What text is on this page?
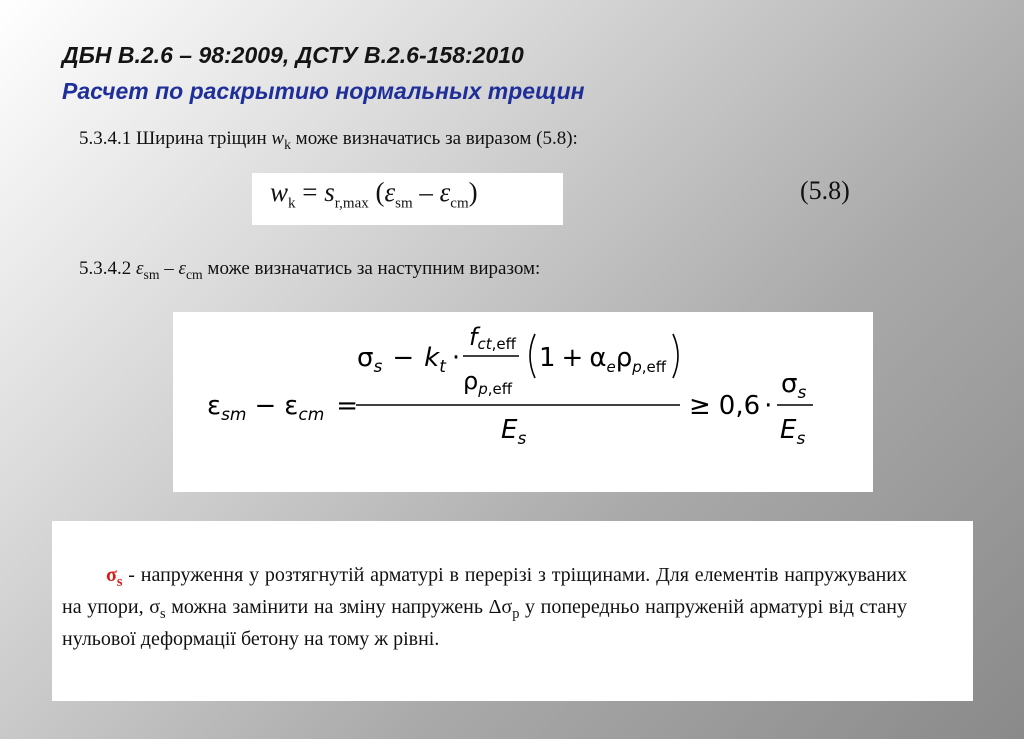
ДБН В.2.6 – 98:2009, ДСТУ В.2.6-158:2010
Расчет по раскрытию нормальных трещин
5.3.4.1 Ширина тріщин $w_k$ може визначатись за виразом (5.8):
$w_k = s_{r,max}$ $(\varepsilon_{sm} - \varepsilon_{cm})$	(5.8)
5.3.4.2 $\varepsilon_{sm} - \varepsilon_{cm}$ може визначатись за наступним виразом:
$\varepsilon_{sm} - \varepsilon_{cm}$ =
$\sigma_s - k_t$ ·
fct,eff
$\rho_{p,eff}$
$1 + \alpha_e\rho_{p,eff}$
$E_s$
≥ 0,6 ·
$\sigma_s$
$E_s$
$\sigma_s$ - напруження у розтягнутій арматурі в перерізі з тріщинами. Для елементів напружуваних на упори, $\sigma_s$ можна замінити на зміну напружень $\Delta\sigma_p$ у попередньо напруженій арматурі від стану нульової деформації бетону на тому ж рівні.
